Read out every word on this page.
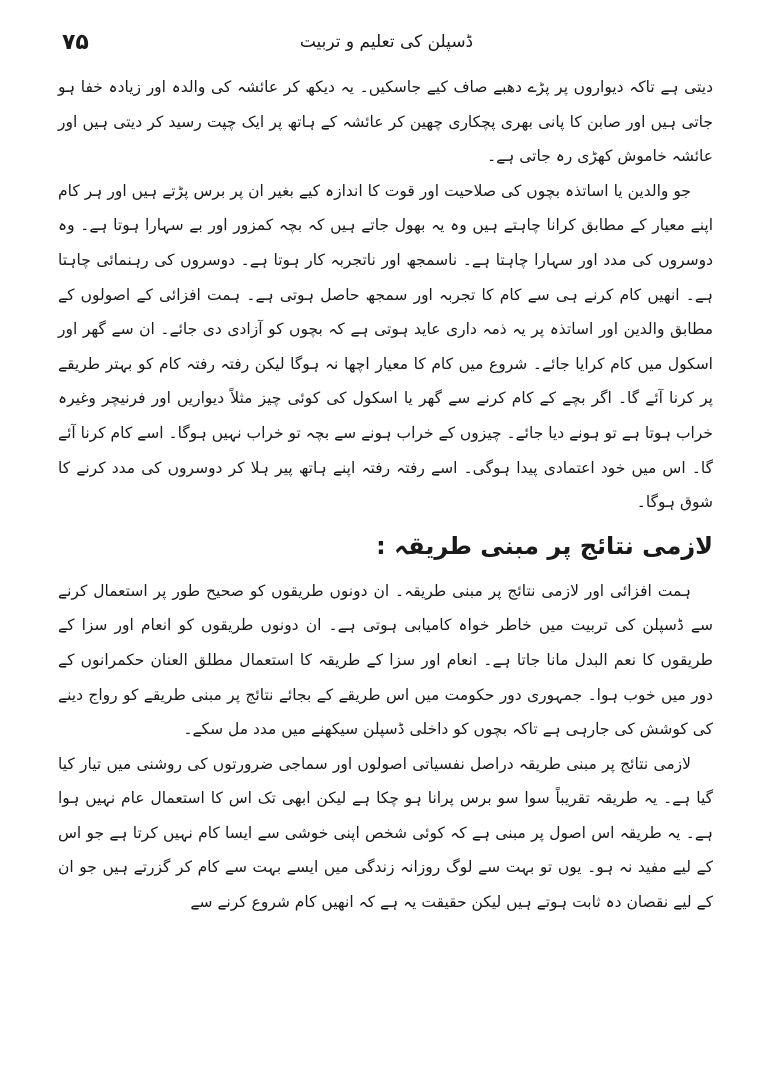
۷۵	ڈسپلن کی تعلیم و تربیت

دیتی ہے تاکہ دیواروں پر پڑے دھبے صاف کیے جاسکیں۔ یہ دیکھ کر عائشہ کی والدہ اور زیادہ خفا ہو جاتی ہیں اور صابن کا پانی بھری پچکاری چھین کر عائشہ کے ہاتھ پر ایک چپت رسید کر دیتی ہیں اور عائشہ خاموش کھڑی رہ جاتی ہے۔

جو والدین یا اساتذہ بچوں کی صلاحیت اور قوت کا اندازہ کیے بغیر ان پر برس پڑتے ہیں اور ہر کام اپنے معیار کے مطابق کرانا چاہتے ہیں وہ یہ بھول جاتے ہیں کہ بچہ کمزور اور بے سہارا ہوتا ہے۔ وہ دوسروں کی مدد اور سہارا چاہتا ہے۔ ناسمجھ اور ناتجربہ کار ہوتا ہے۔ دوسروں کی رہنمائی چاہتا ہے۔ انھیں کام کرنے ہی سے کام کا تجربہ اور سمجھ حاصل ہوتی ہے۔ ہمت افزائی کے اصولوں کے مطابق والدین اور اساتذہ پر یہ ذمہ داری عاید ہوتی ہے کہ بچوں کو آزادی دی جائے۔ ان سے گھر اور اسکول میں کام کرایا جائے۔ شروع میں کام کا معیار اچھا نہ ہوگا لیکن رفتہ رفتہ کام کو بہتر طریقے پر کرنا آئے گا۔ اگر بچے کے کام کرنے سے گھر یا اسکول کی کوئی چیز مثلاً دیواریں اور فرنیچر وغیرہ خراب ہوتا ہے تو ہونے دیا جائے۔ چیزوں کے خراب ہونے سے بچہ تو خراب نہیں ہوگا۔ اسے کام کرنا آئے گا۔ اس میں خود اعتمادی پیدا ہوگی۔ اسے رفتہ رفتہ اپنے ہاتھ پیر ہلا کر دوسروں کی مدد کرنے کا شوق ہوگا۔

لازمی نتائج پر مبنی طریقہ :

ہمت افزائی اور لازمی نتائج پر مبنی طریقہ۔ ان دونوں طریقوں کو صحیح طور پر استعمال کرنے سے ڈسپلن کی تربیت میں خاطر خواہ کامیابی ہوتی ہے۔ ان دونوں طریقوں کو انعام اور سزا کے طریقوں کا نعم البدل مانا جاتا ہے۔ انعام اور سزا کے طریقہ کا استعمال مطلق العنان حکمرانوں کے دور میں خوب ہوا۔ جمہوری دور حکومت میں اس طریقے کے بجائے نتائج پر مبنی طریقے کو رواج دینے کی کوشش کی جارہی ہے تاکہ بچوں کو داخلی ڈسپلن سیکھنے میں مدد مل سکے۔

لازمی نتائج پر مبنی طریقہ دراصل نفسیاتی اصولوں اور سماجی ضرورتوں کی روشنی میں تیار کیا گیا ہے۔ یہ طریقہ تقریباً سوا سو برس پرانا ہو چکا ہے لیکن ابھی تک اس کا استعمال عام نہیں ہوا ہے۔ یہ طریقہ اس اصول پر مبنی ہے کہ کوئی شخص اپنی خوشی سے ایسا کام نہیں کرتا ہے جو اس کے لیے مفید نہ ہو۔ یوں تو بہت سے لوگ روزانہ زندگی میں ایسے بہت سے کام کر گزرتے ہیں جو ان کے لیے نقصان دہ ثابت ہوتے ہیں لیکن حقیقت یہ ہے کہ انھیں کام شروع کرنے سے
